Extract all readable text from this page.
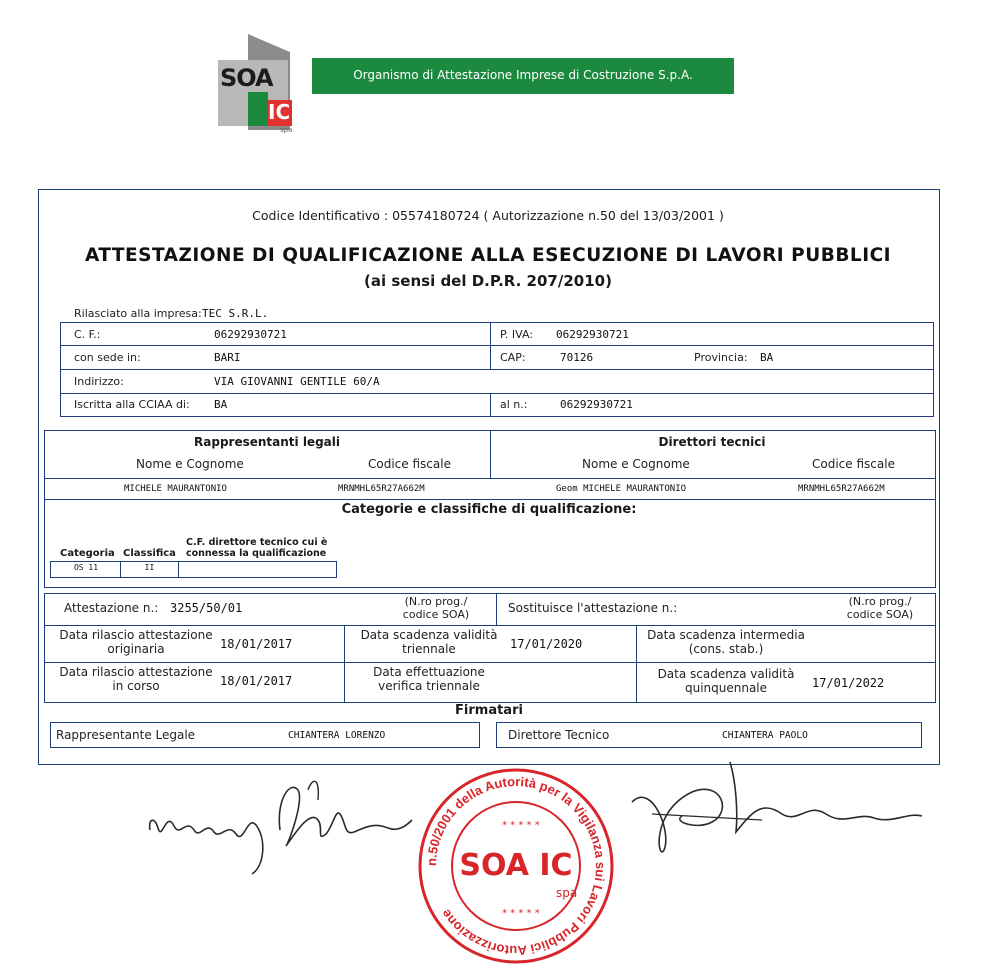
SOA
IC
spa
Organismo di Attestazione Imprese di Costruzione S.p.A.
Codice Identificativo : 05574180724 ( Autorizzazione n.50 del 13/03/2001 )
ATTESTAZIONE DI QUALIFICAZIONE ALLA ESECUZIONE DI LAVORI PUBBLICI
(ai sensi del D.P.R. 207/2010)
Rilasciato alla impresa: TEC S.R.L.
C. F.:	06292930721	P. IVA: 06292930721
con sede in:	BARI	CAP:	70126	Provincia: BA
Indirizzo:	VIA GIOVANNI GENTILE 60/A
Iscritta alla CCIAA di: BA	al n.:	06292930721
Rappresentanti legali	Direttori tecnici
Nome e Cognome	Codice fiscale	Nome e Cognome	Codice fiscale
MICHELE MAURANTONIO	MRNMHL65R27A662M	Geom MICHELE MAURANTONIO	MRNMHL65R27A662M
Categorie e classifiche di qualificazione:
Categoria Classifica
C.F. direttore tecnico cui è connessa la qualificazione
OS 11	II
Attestazione n.: 3255/50/01	(N.ro prog./ codice SOA)	Sostituisce l'attestazione n.:	(N.ro prog./ codice SOA)
Data rilascio attestazione originaria	18/01/2017
Data scadenza validità triennale	17/01/2020
Data scadenza intermedia (cons. stab.)
Data rilascio attestazione in corso	18/01/2017
Data effettuazione verifica triennale
Data scadenza validità quinquennale	17/01/2022
Firmatari
Rappresentante Legale	CHIANTERA LORENZO	Direttore Tecnico	CHIANTERA PAOLO
* * * * *
* * * * *
SOA IC
spa
n.50/2001 della Autorità per la Vigilanza sui Lavori Pubblici Autorizzazione
